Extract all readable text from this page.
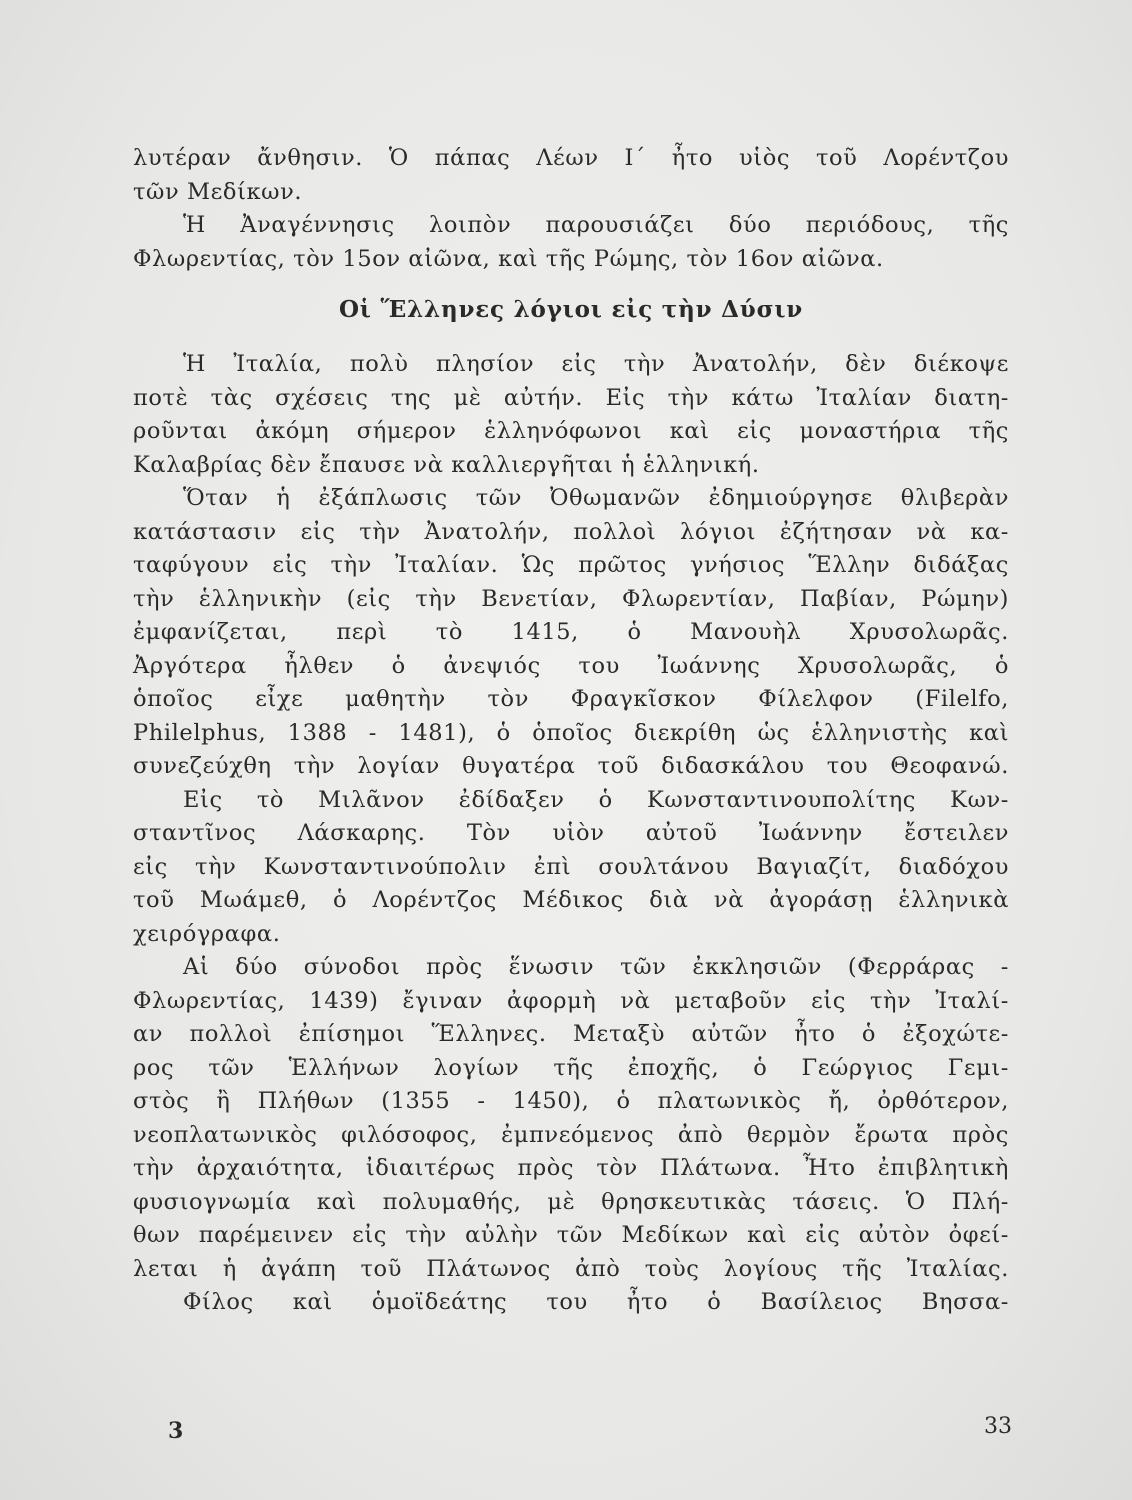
λυτέραν ἄνθησιν. Ὁ πάπας Λέων Ι΄ ἦτο υἱὸς τοῦ Λορέντζου
τῶν Μεδίκων.
Ἡ Ἀναγέννησις λοιπὸν παρουσιάζει δύο περιόδους, τῆς
Φλωρεντίας, τὸν 15ον αἰῶνα, καὶ τῆς Ρώμης, τὸν 16ον αἰῶνα.
Οἱ Ἕλληνες λόγιοι εἰς τὴν Δύσιν
Ἡ Ἰταλία, πολὺ πλησίον εἰς τὴν Ἀνατολήν, δὲν διέκοψε
ποτὲ τὰς σχέσεις της μὲ αὐτήν. Εἰς τὴν κάτω Ἰταλίαν διατη-
ροῦνται ἀκόμη σήμερον ἑλληνόφωνοι καὶ εἰς μοναστήρια τῆς
Καλαβρίας δὲν ἔπαυσε νὰ καλλιεργῆται ἡ ἑλληνική.
Ὅταν ἡ ἐξάπλωσις τῶν Ὀθωμανῶν ἐδημιούργησε θλιβερὰν
κατάστασιν εἰς τὴν Ἀνατολήν, πολλοὶ λόγιοι ἐζήτησαν νὰ κα-
ταφύγουν εἰς τὴν Ἰταλίαν. Ὡς πρῶτος γνήσιος Ἕλλην διδάξας
τὴν ἑλληνικὴν (εἰς τὴν Βενετίαν, Φλωρεντίαν, Παβίαν, Ρώμην)
ἐμφανίζεται, περὶ τὸ 1415, ὁ Μανουὴλ Χρυσολωρᾶς.
Ἀργότερα ἦλθεν ὁ ἀνεψιός του Ἰωάννης Χρυσολωρᾶς, ὁ
ὁποῖος εἶχε μαθητὴν τὸν Φραγκῖσκον Φίλελφον (Filelfo,
Philelphus, 1388 - 1481), ὁ ὁποῖος διεκρίθη ὡς ἑλληνιστὴς καὶ
συνεζεύχθη τὴν λογίαν θυγατέρα τοῦ διδασκάλου του Θεοφανώ.
Εἰς τὸ Μιλᾶνον ἐδίδαξεν ὁ Κωνσταντινουπολίτης Κων-
σταντῖνος Λάσκαρης. Τὸν υἱὸν αὐτοῦ Ἰωάννην ἔστειλεν
εἰς τὴν Κωνσταντινούπολιν ἐπὶ σουλτάνου Βαγιαζίτ, διαδόχου
τοῦ Μωάμεθ, ὁ Λορέντζος Μέδικος διὰ νὰ ἀγοράσῃ ἑλληνικὰ
χειρόγραφα.
Αἱ δύο σύνοδοι πρὸς ἕνωσιν τῶν ἐκκλησιῶν (Φερράρας -
Φλωρεντίας, 1439) ἔγιναν ἀφορμὴ νὰ μεταβοῦν εἰς τὴν Ἰταλί-
αν πολλοὶ ἐπίσημοι Ἕλληνες. Μεταξὺ αὐτῶν ἦτο ὁ ἐξοχώτε-
ρος τῶν Ἑλλήνων λογίων τῆς ἐποχῆς, ὁ Γεώργιος Γεμι-
στὸς ἢ Πλήθων (1355 - 1450), ὁ πλατωνικὸς ἤ, ὀρθότερον,
νεοπλατωνικὸς φιλόσοφος, ἐμπνεόμενος ἀπὸ θερμὸν ἔρωτα πρὸς
τὴν ἀρχαιότητα, ἰδιαιτέρως πρὸς τὸν Πλάτωνα. Ἦτο ἐπιβλητικὴ
φυσιογνωμία καὶ πολυμαθής, μὲ θρησκευτικὰς τάσεις. Ὁ Πλή-
θων παρέμεινεν εἰς τὴν αὐλὴν τῶν Μεδίκων καὶ εἰς αὐτὸν ὀφεί-
λεται ἡ ἀγάπη τοῦ Πλάτωνος ἀπὸ τοὺς λογίους τῆς Ἰταλίας.
Φίλος καὶ ὁμοϊδεάτης του ἦτο ὁ Βασίλειος Βησσα-
3	33
